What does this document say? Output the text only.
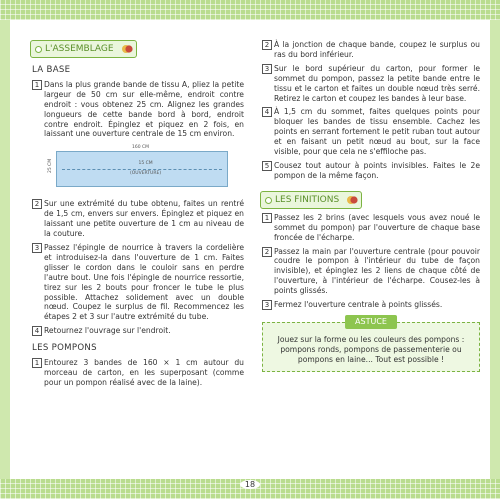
L'ASSEMBLAGE
LA BASE
1 Dans la plus grande bande de tissu A, pliez la petite largeur de 50 cm sur elle-même, endroit contre endroit : vous obtenez 25 cm. Alignez les grandes longueurs de cette bande bord à bord, endroit contre endroit. Épinglez et piquez en 2 fois, en laissant une ouverture centrale de 15 cm environ.
160 CM
25 CM	15 CM
(OUVERTURE)
2 Sur une extrémité du tube obtenu, faites un rentré de 1,5 cm, envers sur envers. Épinglez et piquez en laissant une petite ouverture de 1 cm au niveau de la couture.
3 Passez l'épingle de nourrice à travers la cordelière et introduisez-la dans l'ouverture de 1 cm. Faites glisser le cordon dans le couloir sans en perdre l'autre bout. Une fois l'épingle de nourrice ressortie, tirez sur les 2 bouts pour froncer le tube le plus possible. Attachez solidement avec un double nœud. Coupez le surplus de fil. Recommencez les étapes 2 et 3 sur l'autre extrémité du tube.
4 Retournez l'ouvrage sur l'endroit.
LES POMPONS
1 Entourez 3 bandes de 160 × 1 cm autour du morceau de carton, en les superposant (comme pour un pompon réalisé avec de la laine).
2 À la jonction de chaque bande, coupez le surplus ou ras du bord inférieur.
3 Sur le bord supérieur du carton, pour former le sommet du pompon, passez la petite bande entre le tissu et le carton et faites un double nœud très serré. Retirez le carton et coupez les bandes à leur base.
4 À 1,5 cm du sommet, faites quelques points pour bloquer les bandes de tissu ensemble. Cachez les points en serrant fortement le petit ruban tout autour et en faisant un petit nœud au bout, sur la face visible, pour que cela ne s'effiloche pas.
5 Cousez tout autour à points invisibles. Faites le 2e pompon de la même façon.
LES FINITIONS
1 Passez les 2 brins (avec lesquels vous avez noué le sommet du pompon) par l'ouverture de chaque base froncée de l'écharpe.
2 Passez la main par l'ouverture centrale (pour pouvoir coudre le pompon à l'intérieur du tube de façon invisible), et épinglez les 2 liens de chaque côté de l'ouverture, à l'intérieur de l'écharpe. Cousez-les à points glissés.
3 Fermez l'ouverture centrale à points glissés.
ASTUCE
Jouez sur la forme ou les couleurs des pompons : pompons ronds, pompons de passementerie ou pompons en laine... Tout est possible !
18
